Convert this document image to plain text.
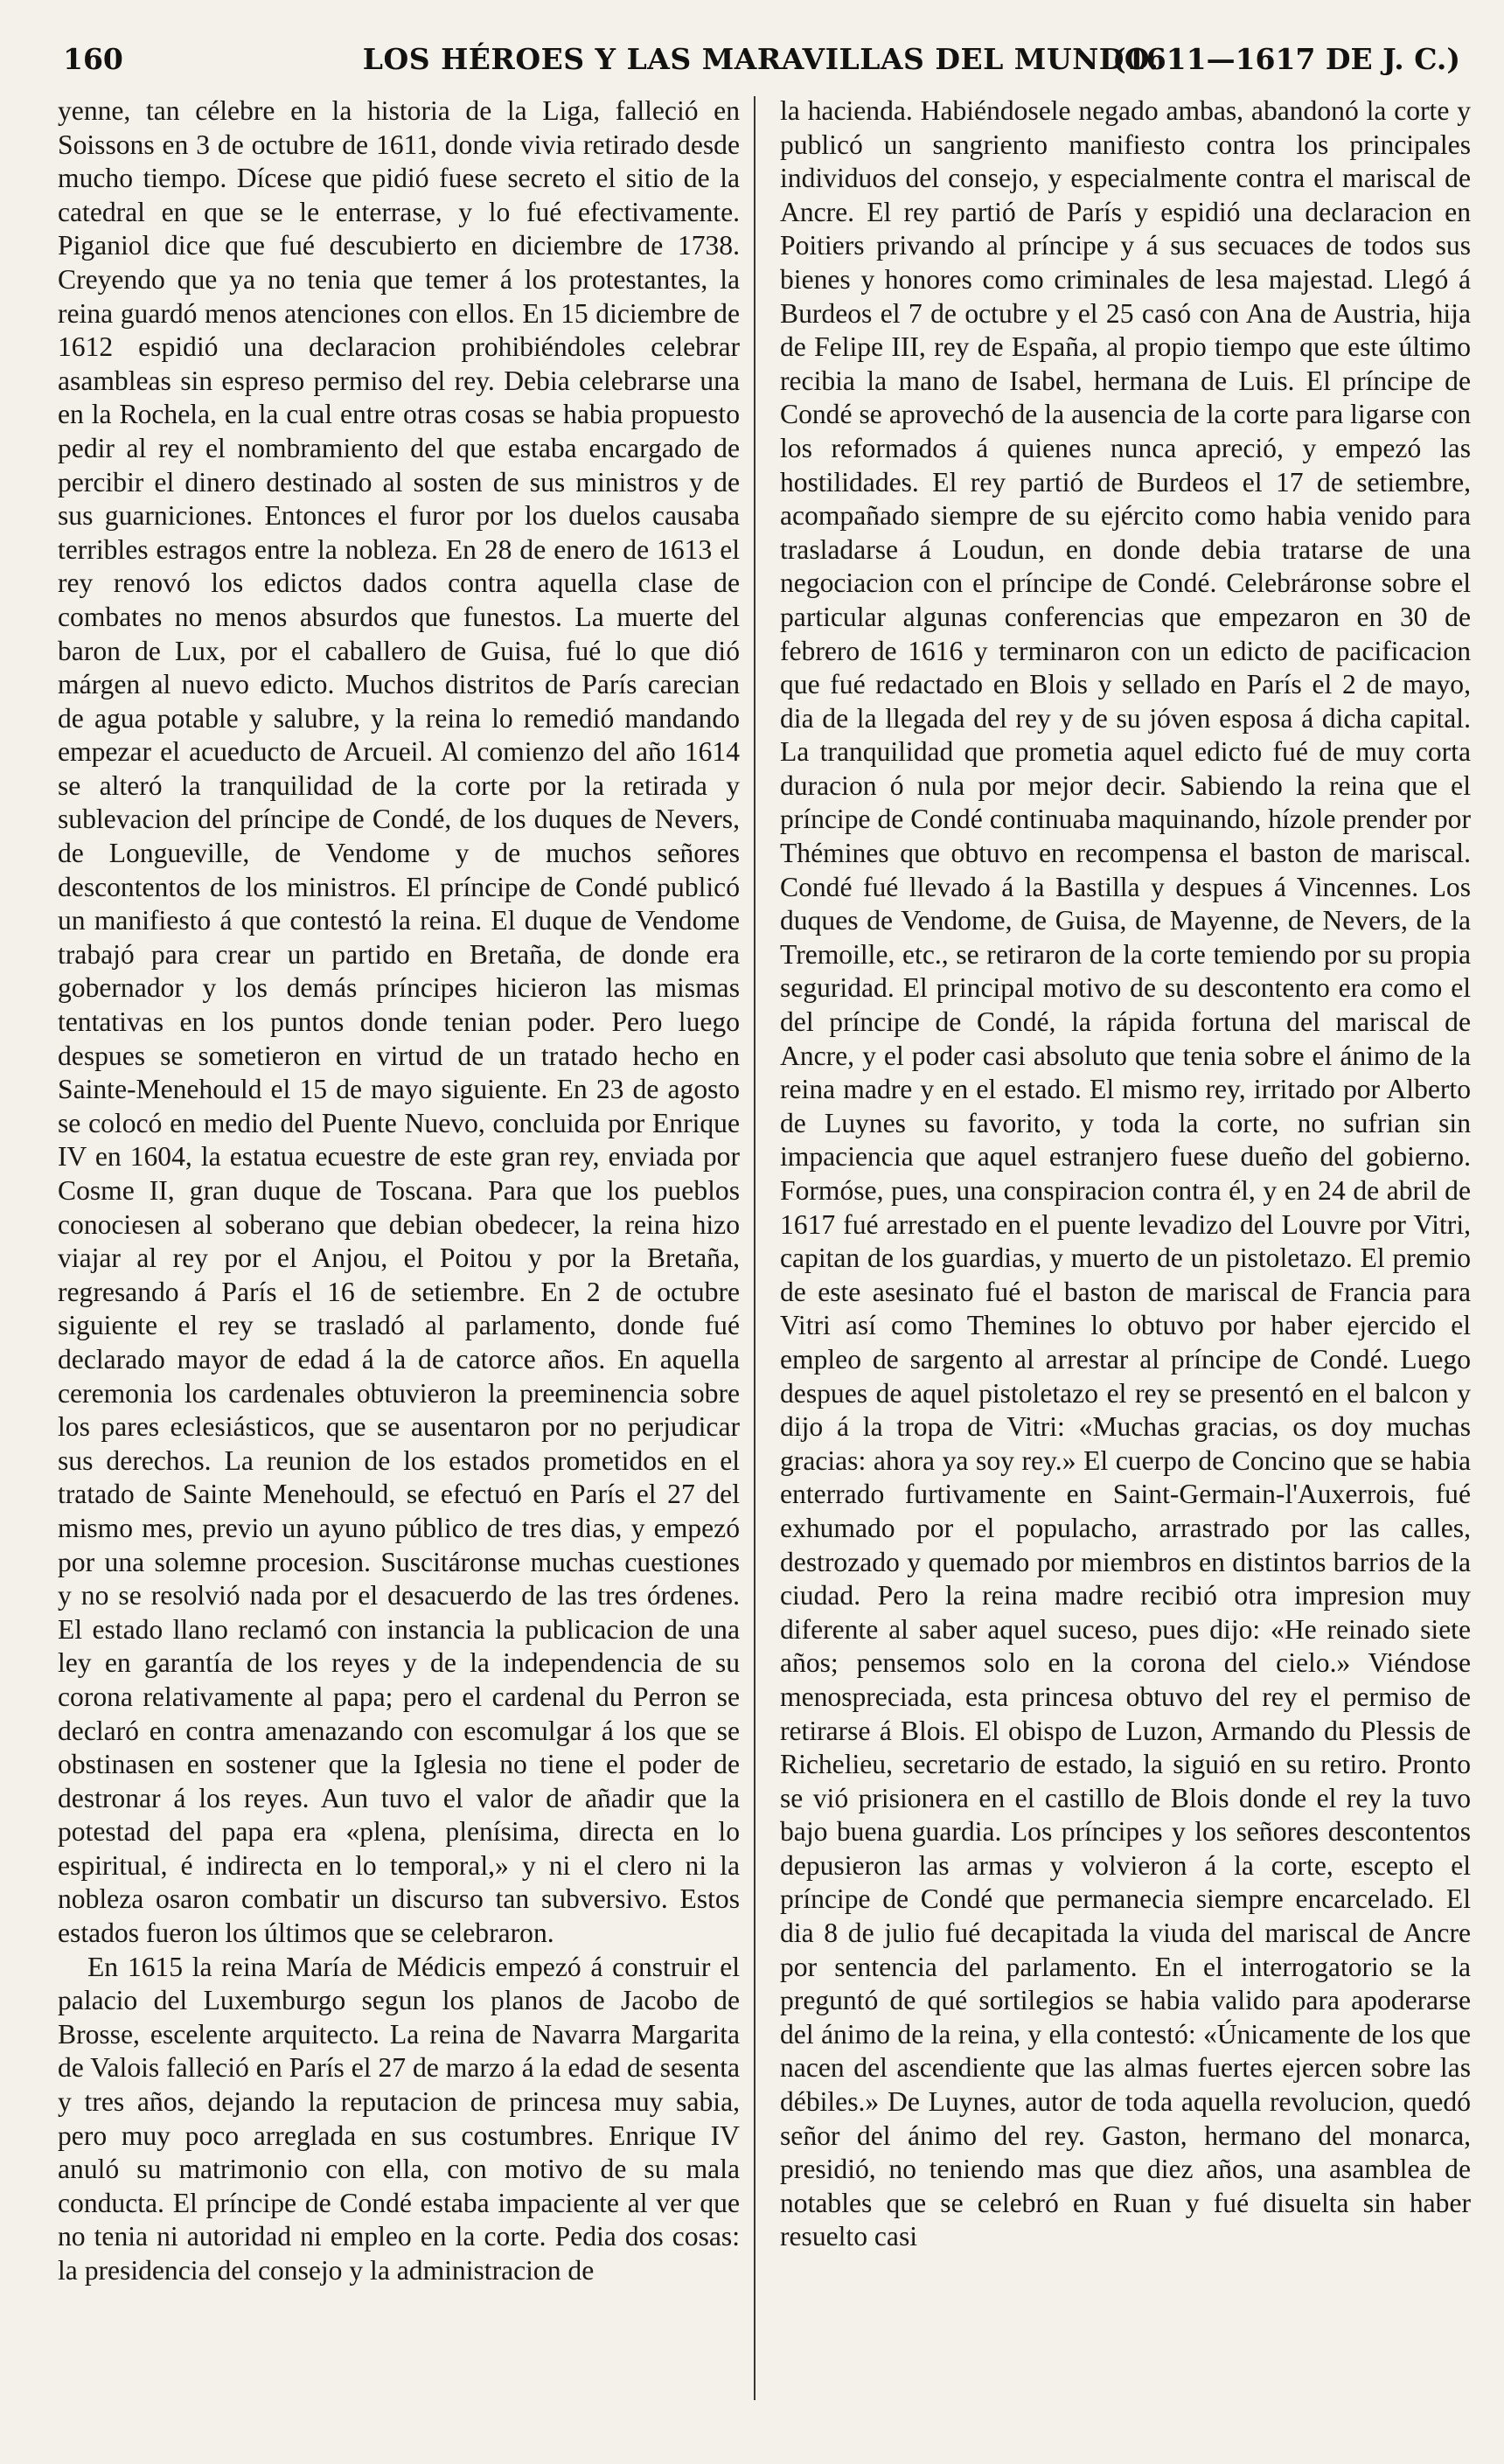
160	LOS HÉROES Y LAS MARAVILLAS DEL MUNDO.
(1611—1617 DE J. C.)

yenne, tan célebre en la historia de la Liga, falleció en Soissons en 3 de octubre de 1611, donde vivia retirado desde mucho tiempo. Dícese que pidió fuese secreto el sitio de la catedral en que se le enterrase, y lo fué efectivamente. Piganiol dice que fué descubierto en diciembre de 1738. Creyendo que ya no tenia que temer á los protestantes, la reina guardó menos atenciones con ellos. En 15 diciembre de 1612 espidió una declaracion prohibiéndoles celebrar asambleas sin espreso permiso del rey. Debia celebrarse una en la Rochela, en la cual entre otras cosas se habia propuesto pedir al rey el nombramiento del que estaba encargado de percibir el dinero destinado al sosten de sus ministros y de sus guarniciones. Entonces el furor por los duelos causaba terribles estragos entre la nobleza. En 28 de enero de 1613 el rey renovó los edictos dados contra aquella clase de combates no menos absurdos que funestos. La muerte del baron de Lux, por el caballero de Guisa, fué lo que dió márgen al nuevo edicto. Muchos distritos de París carecian de agua potable y salubre, y la reina lo remedió mandando empezar el acueducto de Arcueil. Al comienzo del año 1614 se alteró la tranquilidad de la corte por la retirada y sublevacion del príncipe de Condé, de los duques de Nevers, de Longueville, de Vendome y de muchos señores descontentos de los ministros. El príncipe de Condé publicó un manifiesto á que contestó la reina. El duque de Vendome trabajó para crear un partido en Bretaña, de donde era gobernador y los demás príncipes hicieron las mismas tentativas en los puntos donde tenian poder. Pero luego despues se sometieron en virtud de un tratado hecho en Sainte-Menehould el 15 de mayo siguiente. En 23 de agosto se colocó en medio del Puente Nuevo, concluida por Enrique IV en 1604, la estatua ecuestre de este gran rey, enviada por Cosme II, gran duque de Toscana. Para que los pueblos conociesen al soberano que debian obedecer, la reina hizo viajar al rey por el Anjou, el Poitou y por la Bretaña, regresando á París el 16 de setiembre. En 2 de octubre siguiente el rey se trasladó al parlamento, donde fué declarado mayor de edad á la de catorce años. En aquella ceremonia los cardenales obtuvieron la preeminencia sobre los pares eclesiásticos, que se ausentaron por no perjudicar sus derechos. La reunion de los estados prometidos en el tratado de Sainte Menehould, se efectuó en París el 27 del mismo mes, previo un ayuno público de tres dias, y empezó por una solemne procesion. Suscitáronse muchas cuestiones y no se resolvió nada por el desacuerdo de las tres órdenes. El estado llano reclamó con instancia la publicacion de una ley en garantía de los reyes y de la independencia de su corona relativamente al papa; pero el cardenal du Perron se declaró en contra amenazando con escomulgar á los que se obstinasen en sostener que la Iglesia no tiene el poder de destronar á los reyes. Aun tuvo el valor de añadir que la potestad del papa era «plena, plenísima, directa en lo espiritual, é indirecta en lo temporal,» y ni el clero ni la nobleza osaron combatir un discurso tan subversivo. Estos estados fueron los últimos que se celebraron.

En 1615 la reina María de Médicis empezó á construir el palacio del Luxemburgo segun los planos de Jacobo de Brosse, escelente arquitecto. La reina de Navarra Margarita de Valois falleció en París el 27 de marzo á la edad de sesenta y tres años, dejando la reputacion de princesa muy sabia, pero muy poco arreglada en sus costumbres. Enrique IV anuló su matrimonio con ella, con motivo de su mala conducta. El príncipe de Condé estaba impaciente al ver que no tenia ni autoridad ni empleo en la corte. Pedia dos cosas: la presidencia del consejo y la administracion de

la hacienda. Habiéndosele negado ambas, abandonó la corte y publicó un sangriento manifiesto contra los principales individuos del consejo, y especialmente contra el mariscal de Ancre. El rey partió de París y espidió una declaracion en Poitiers privando al príncipe y á sus secuaces de todos sus bienes y honores como criminales de lesa majestad. Llegó á Burdeos el 7 de octubre y el 25 casó con Ana de Austria, hija de Felipe III, rey de España, al propio tiempo que este último recibia la mano de Isabel, hermana de Luis. El príncipe de Condé se aprovechó de la ausencia de la corte para ligarse con los reformados á quienes nunca apreció, y empezó las hostilidades. El rey partió de Burdeos el 17 de setiembre, acompañado siempre de su ejército como habia venido para trasladarse á Loudun, en donde debia tratarse de una negociacion con el príncipe de Condé. Celebráronse sobre el particular algunas conferencias que empezaron en 30 de febrero de 1616 y terminaron con un edicto de pacificacion que fué redactado en Blois y sellado en París el 2 de mayo, dia de la llegada del rey y de su jóven esposa á dicha capital. La tranquilidad que prometia aquel edicto fué de muy corta duracion ó nula por mejor decir. Sabiendo la reina que el príncipe de Condé continuaba maquinando, hízole prender por Thémines que obtuvo en recompensa el baston de mariscal. Condé fué llevado á la Bastilla y despues á Vincennes. Los duques de Vendome, de Guisa, de Mayenne, de Nevers, de la Tremoille, etc., se retiraron de la corte temiendo por su propia seguridad. El principal motivo de su descontento era como el del príncipe de Condé, la rápida fortuna del mariscal de Ancre, y el poder casi absoluto que tenia sobre el ánimo de la reina madre y en el estado. El mismo rey, irritado por Alberto de Luynes su favorito, y toda la corte, no sufrian sin impaciencia que aquel estranjero fuese dueño del gobierno. Formóse, pues, una conspiracion contra él, y en 24 de abril de 1617 fué arrestado en el puente levadizo del Louvre por Vitri, capitan de los guardias, y muerto de un pistoletazo. El premio de este asesinato fué el baston de mariscal de Francia para Vitri así como Themines lo obtuvo por haber ejercido el empleo de sargento al arrestar al príncipe de Condé. Luego despues de aquel pistoletazo el rey se presentó en el balcon y dijo á la tropa de Vitri: «Muchas gracias, os doy muchas gracias: ahora ya soy rey.» El cuerpo de Concino que se habia enterrado furtivamente en Saint-Germain-l'Auxerrois, fué exhumado por el populacho, arrastrado por las calles, destrozado y quemado por miembros en distintos barrios de la ciudad. Pero la reina madre recibió otra impresion muy diferente al saber aquel suceso, pues dijo: «He reinado siete años; pensemos solo en la corona del cielo.» Viéndose menospreciada, esta princesa obtuvo del rey el permiso de retirarse á Blois. El obispo de Luzon, Armando du Plessis de Richelieu, secretario de estado, la siguió en su retiro. Pronto se vió prisionera en el castillo de Blois donde el rey la tuvo bajo buena guardia. Los príncipes y los señores descontentos depusieron las armas y volvieron á la corte, escepto el príncipe de Condé que permanecia siempre encarcelado. El dia 8 de julio fué decapitada la viuda del mariscal de Ancre por sentencia del parlamento. En el interrogatorio se la preguntó de qué sortilegios se habia valido para apoderarse del ánimo de la reina, y ella contestó: «Únicamente de los que nacen del ascendiente que las almas fuertes ejercen sobre las débiles.» De Luynes, autor de toda aquella revolucion, quedó señor del ánimo del rey. Gaston, hermano del monarca, presidió, no teniendo mas que diez años, una asamblea de notables que se celebró en Ruan y fué disuelta sin haber resuelto casi
